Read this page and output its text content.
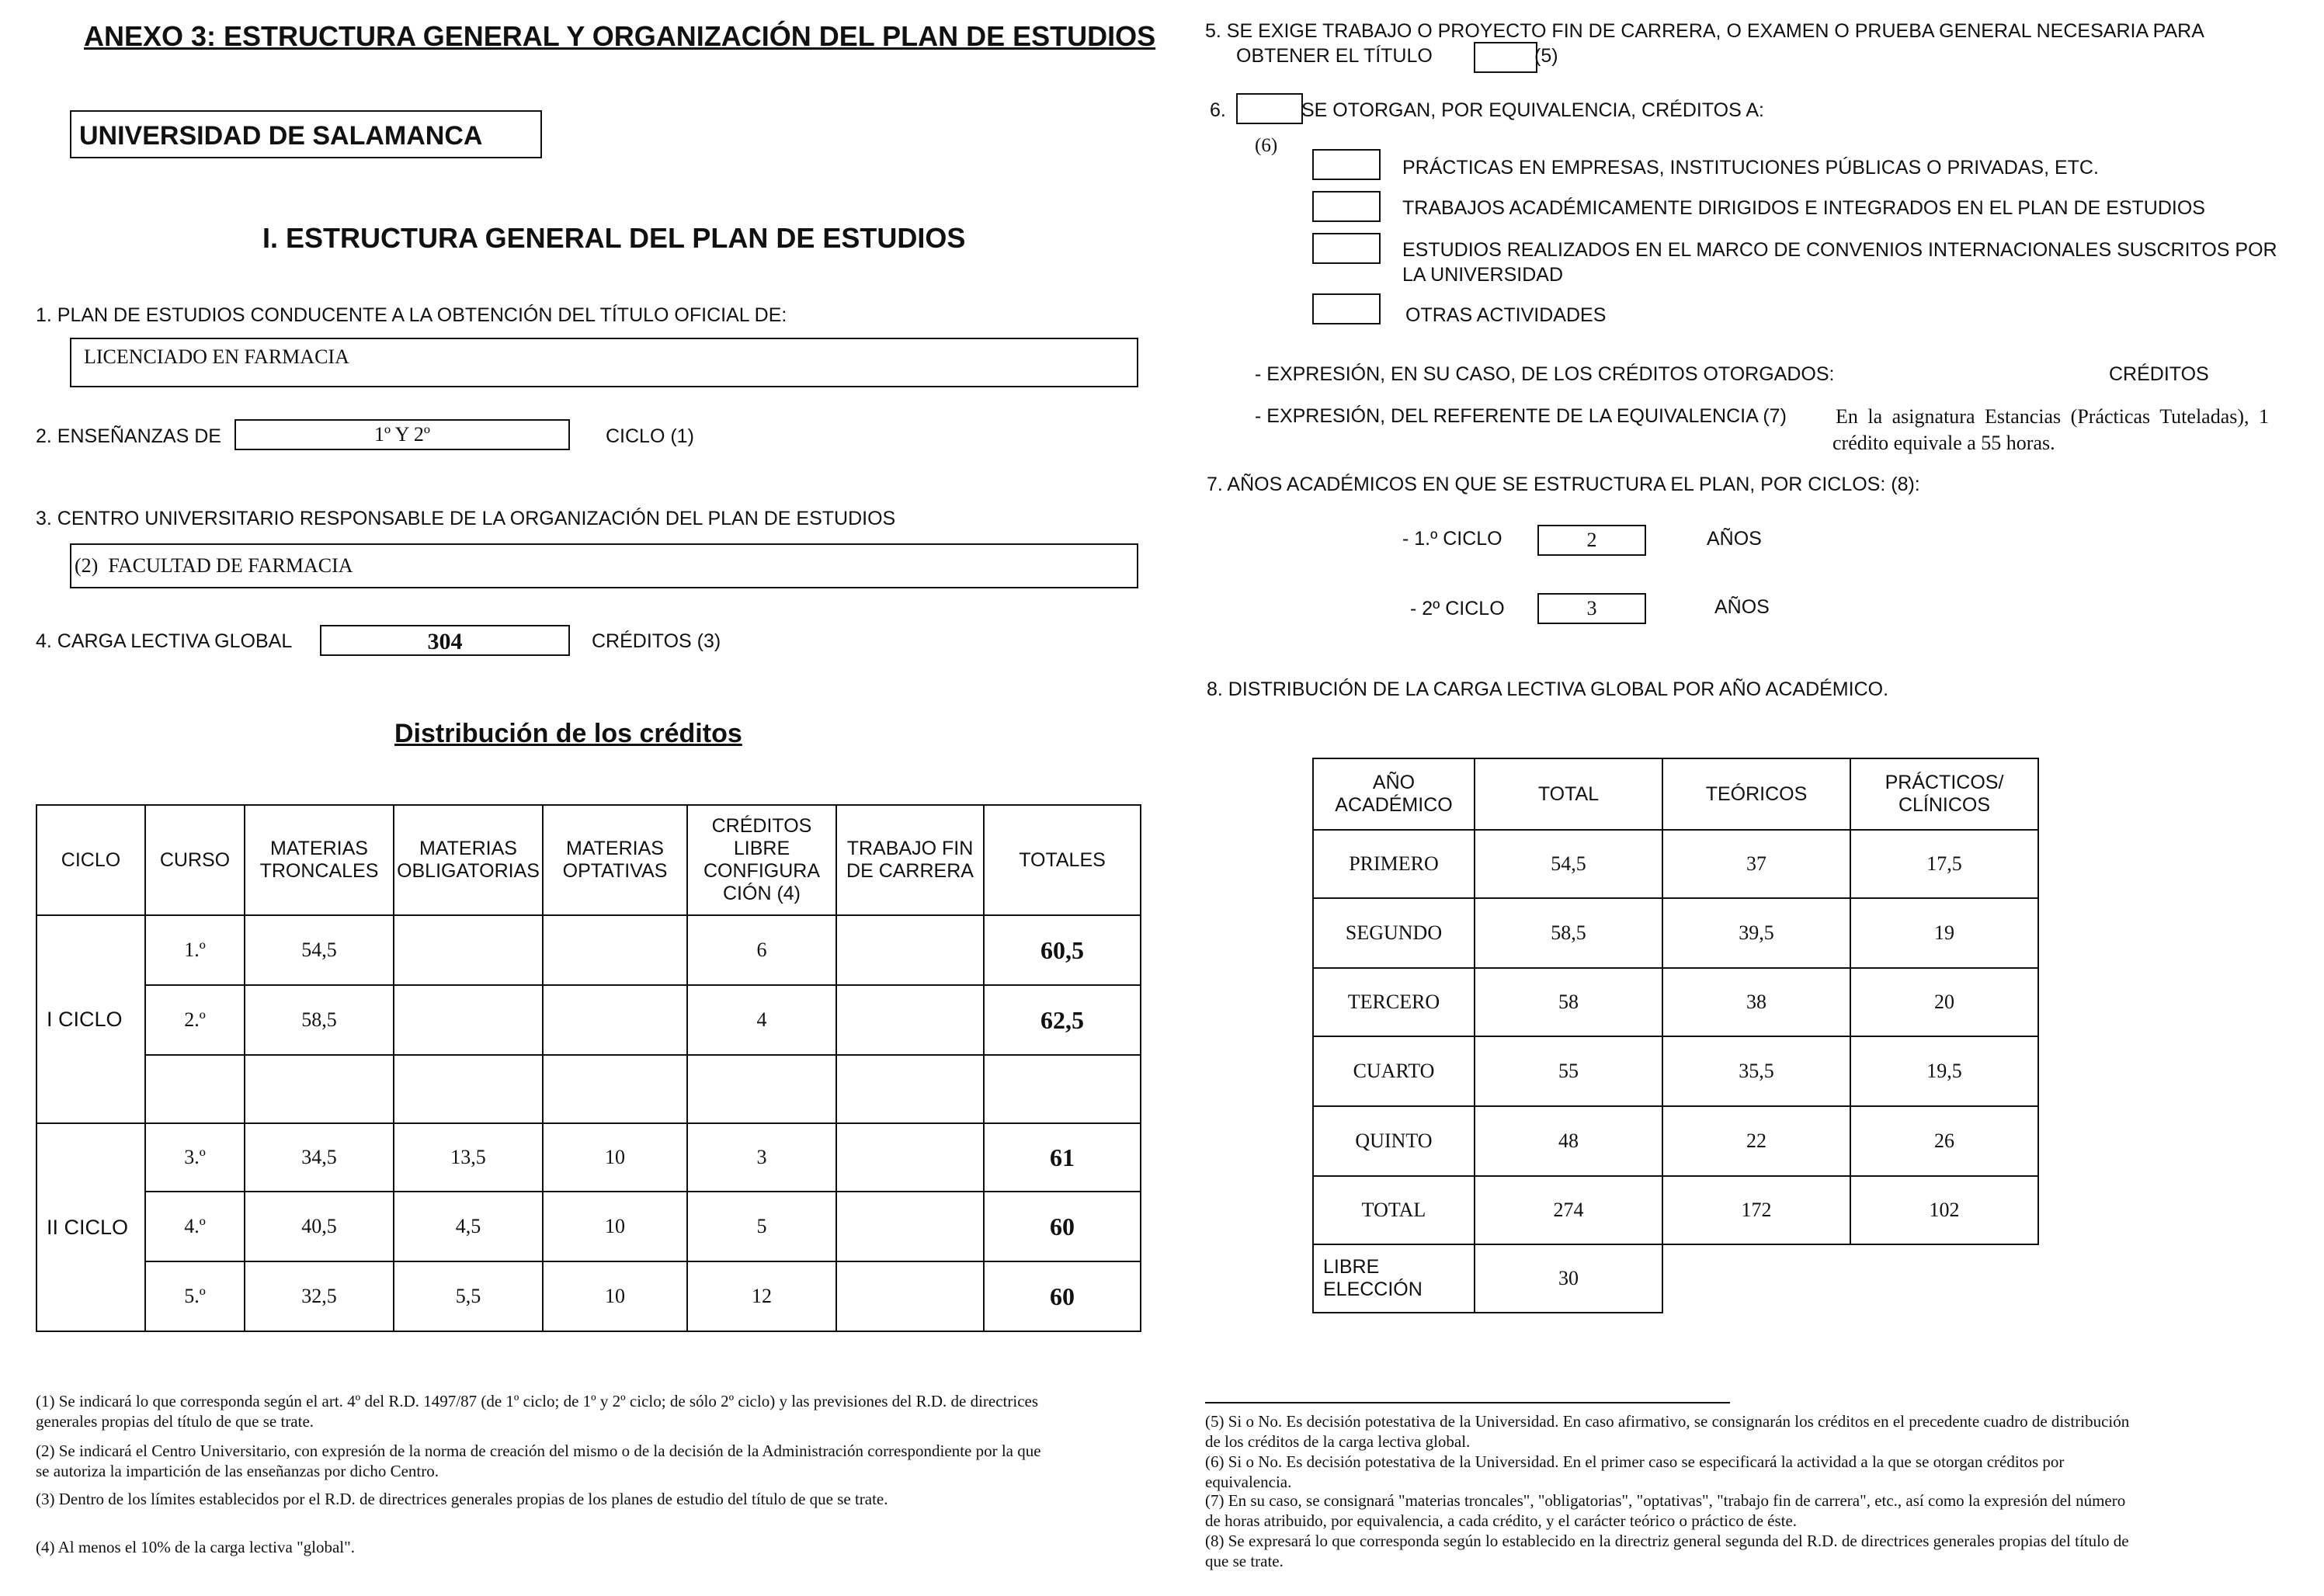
ANEXO 3: ESTRUCTURA GENERAL Y ORGANIZACIÓN DEL PLAN DE ESTUDIOS
UNIVERSIDAD DE SALAMANCA
I. ESTRUCTURA GENERAL DEL PLAN DE ESTUDIOS
1. PLAN DE ESTUDIOS CONDUCENTE A LA OBTENCIÓN DEL TÍTULO OFICIAL DE:
LICENCIADO EN FARMACIA
2. ENSEÑANZAS DE	1º Y 2º	CICLO (1)
3. CENTRO UNIVERSITARIO RESPONSABLE DE LA ORGANIZACIÓN DEL PLAN DE ESTUDIOS
(2)  FACULTAD DE FARMACIA
4. CARGA LECTIVA GLOBAL	304	CRÉDITOS (3)
Distribución de los créditos
CICLO	CURSO	MATERIAS TRONCALES	MATERIAS OBLIGATORIAS	MATERIAS OPTATIVAS	CRÉDITOS LIBRE CONFIGURA CIÓN (4)	TRABAJO FIN DE CARRERA	TOTALES
I CICLO	1.º	54,5			6		60,5
	2.º	58,5			4		62,5

II CICLO	3.º	34,5	13,5	10	3		61
	4.º	40,5	4,5	10	5		60
	5.º	32,5	5,5	10	12		60
(1) Se indicará lo que corresponda según el art. 4º del R.D. 1497/87 (de 1º ciclo; de 1º y 2º ciclo; de sólo 2º ciclo) y las previsiones del R.D. de directrices generales propias del título de que se trate.
(2) Se indicará el Centro Universitario, con expresión de la norma de creación del mismo o de la decisión de la Administración correspondiente por la que se autoriza la impartición de las enseñanzas por dicho Centro.
(3) Dentro de los límites establecidos por el R.D. de directrices generales propias de los planes de estudio del título de que se trate.
(4) Al menos el 10% de la carga lectiva "global".
5. SE EXIGE TRABAJO O PROYECTO FIN DE CARRERA, O EXAMEN O PRUEBA GENERAL NECESARIA PARA
OBTENER EL TÍTULO	(5)
6.	SE OTORGAN, POR EQUIVALENCIA, CRÉDITOS A:
(6)
PRÁCTICAS EN EMPRESAS, INSTITUCIONES PÚBLICAS O PRIVADAS, ETC.
TRABAJOS ACADÉMICAMENTE DIRIGIDOS E INTEGRADOS EN EL PLAN DE ESTUDIOS
ESTUDIOS REALIZADOS EN EL MARCO DE CONVENIOS INTERNACIONALES SUSCRITOS POR LA UNIVERSIDAD
OTRAS ACTIVIDADES
- EXPRESIÓN, EN SU CASO, DE LOS CRÉDITOS OTORGADOS:	CRÉDITOS
- EXPRESIÓN, DEL REFERENTE DE LA EQUIVALENCIA (7) En la asignatura Estancias (Prácticas Tuteladas), 1
crédito equivale a 55 horas.
7. AÑOS ACADÉMICOS EN QUE SE ESTRUCTURA EL PLAN, POR CICLOS: (8):
- 1.º CICLO	2	AÑOS
- 2º CICLO	3	AÑOS
8. DISTRIBUCIÓN DE LA CARGA LECTIVA GLOBAL POR AÑO ACADÉMICO.
AÑO ACADÉMICO	TOTAL	TEÓRICOS	PRÁCTICOS/ CLÍNICOS
PRIMERO	54,5	37	17,5
SEGUNDO	58,5	39,5	19
TERCERO	58	38	20
CUARTO	55	35,5	19,5
QUINTO	48	22	26
TOTAL	274	172	102
LIBRE ELECCIÓN	30		
(5) Si o No. Es decisión potestativa de la Universidad. En caso afirmativo, se consignarán los créditos en el precedente cuadro de distribución de los créditos de la carga lectiva global.
(6) Si o No. Es decisión potestativa de la Universidad. En el primer caso se especificará la actividad a la que se otorgan créditos por equivalencia.
(7) En su caso, se consignará "materias troncales", "obligatorias", "optativas", "trabajo fin de carrera", etc., así como la expresión del número de horas atribuido, por equivalencia, a cada crédito, y el carácter teórico o práctico de éste.
(8) Se expresará lo que corresponda según lo establecido en la directriz general segunda del R.D. de directrices generales propias del título de que se trate.
